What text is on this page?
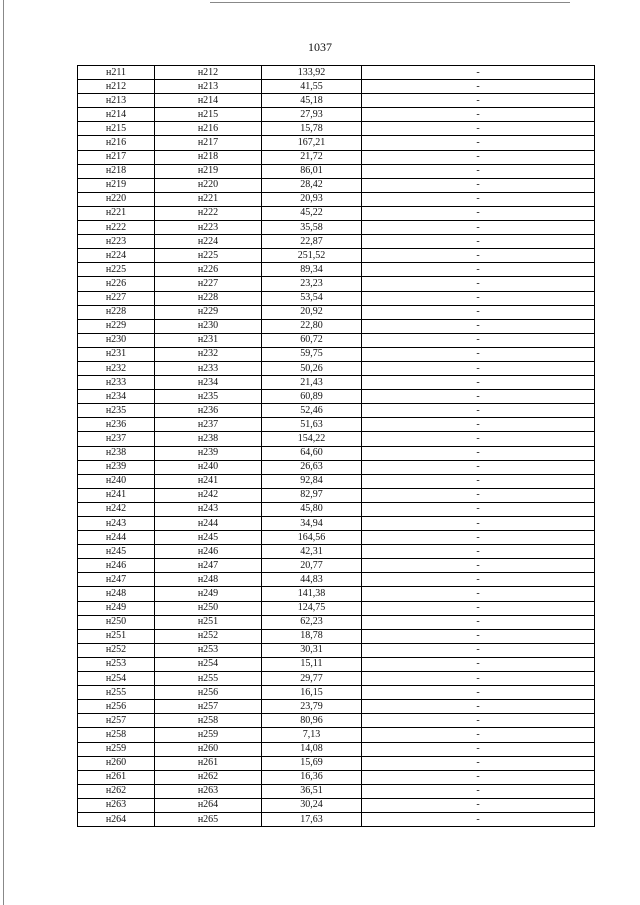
1037
н211	н212	133,92	-
н212	н213	41,55	-
н213	н214	45,18	-
н214	н215	27,93	-
н215	н216	15,78	-
н216	н217	167,21	-
н217	н218	21,72	-
н218	н219	86,01	-
н219	н220	28,42	-
н220	н221	20,93	-
н221	н222	45,22	-
н222	н223	35,58	-
н223	н224	22,87	-
н224	н225	251,52	-
н225	н226	89,34	-
н226	н227	23,23	-
н227	н228	53,54	-
н228	н229	20,92	-
н229	н230	22,80	-
н230	н231	60,72	-
н231	н232	59,75	-
н232	н233	50,26	-
н233	н234	21,43	-
н234	н235	60,89	-
н235	н236	52,46	-
н236	н237	51,63	-
н237	н238	154,22	-
н238	н239	64,60	-
н239	н240	26,63	-
н240	н241	92,84	-
н241	н242	82,97	-
н242	н243	45,80	-
н243	н244	34,94	-
н244	н245	164,56	-
н245	н246	42,31	-
н246	н247	20,77	-
н247	н248	44,83	-
н248	н249	141,38	-
н249	н250	124,75	-
н250	н251	62,23	-
н251	н252	18,78	-
н252	н253	30,31	-
н253	н254	15,11	-
н254	н255	29,77	-
н255	н256	16,15	-
н256	н257	23,79	-
н257	н258	80,96	-
н258	н259	7,13	-
н259	н260	14,08	-
н260	н261	15,69	-
н261	н262	16,36	-
н262	н263	36,51	-
н263	н264	30,24	-
н264	н265	17,63	-
